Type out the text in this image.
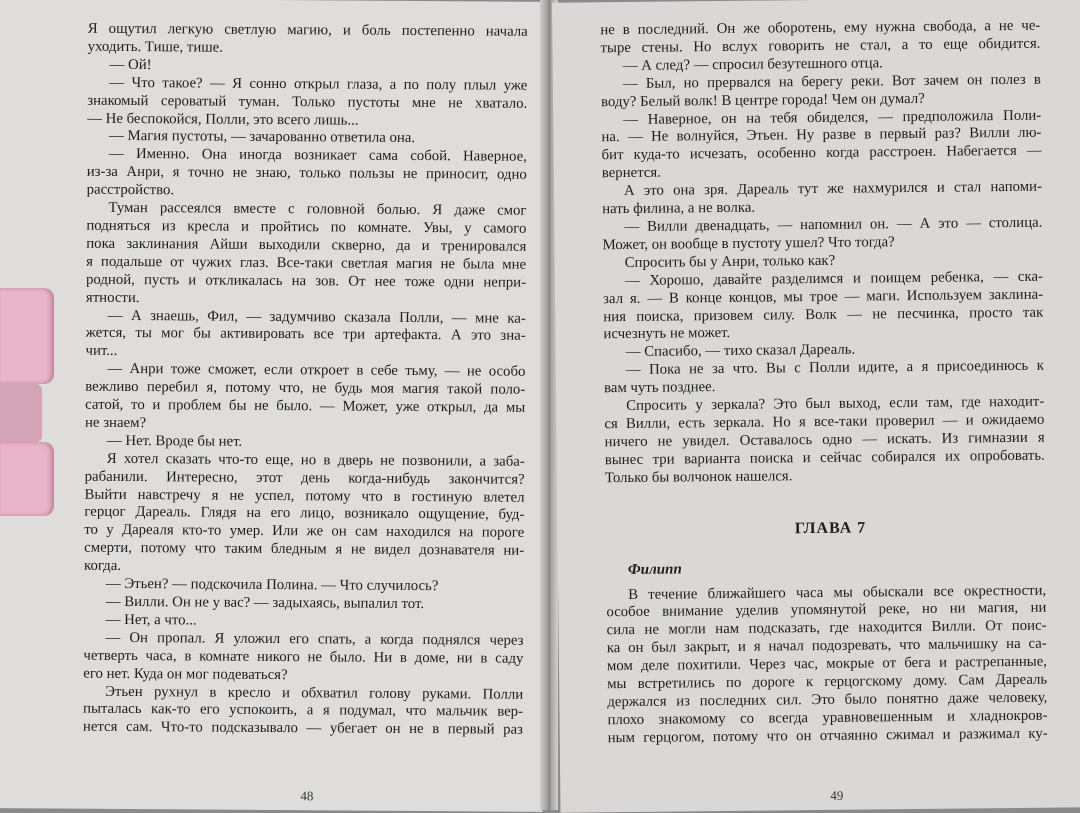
Я ощутил легкую светлую магию, и боль постепенно начала
уходить. Тише, тише.
— Ой!
— Что такое? — Я сонно открыл глаза, а по полу плыл уже
знакомый сероватый туман. Только пустоты мне не хватало.
— Не беспокойся, Полли, это всего лишь...
— Магия пустоты, — зачарованно ответила она.
— Именно. Она иногда возникает сама собой. Наверное,
из-за Анри, я точно не знаю, только пользы не приносит, одно
расстройство.
Туман рассеялся вместе с головной болью. Я даже смог
подняться из кресла и пройтись по комнате. Увы, у самого
пока заклинания Айши выходили скверно, да и тренировался
я подальше от чужих глаз. Все-таки светлая магия не была мне
родной, пусть и откликалась на зов. От нее тоже одни непри-
ятности.
— А знаешь, Фил, — задумчиво сказала Полли, — мне ка-
жется, ты мог бы активировать все три артефакта. А это зна-
чит...
— Анри тоже сможет, если откроет в себе тьму, — не особо
вежливо перебил я, потому что, не будь моя магия такой поло-
сатой, то и проблем бы не было. — Может, уже открыл, да мы
не знаем?
— Нет. Вроде бы нет.
Я хотел сказать что-то еще, но в дверь не позвонили, а заба-
рабанили. Интересно, этот день когда-нибудь закончится?
Выйти навстречу я не успел, потому что в гостиную влетел
герцог Дареаль. Глядя на его лицо, возникало ощущение, буд-
то у Дареаля кто-то умер. Или же он сам находился на пороге
смерти, потому что таким бледным я не видел дознавателя ни-
когда.
— Этьен? — подскочила Полина. — Что случилось?
— Вилли. Он не у вас? — задыхаясь, выпалил тот.
— Нет, а что...
— Он пропал. Я уложил его спать, а когда поднялся через
четверть часа, в комнате никого не было. Ни в доме, ни в саду
его нет. Куда он мог подеваться?
Этьен рухнул в кресло и обхватил голову руками. Полли
пыталась как-то его успокоить, а я подумал, что мальчик вер-
нется сам. Что-то подсказывало — убегает он не в первый раз
48
не в последний. Он же оборотень, ему нужна свобода, а не че-
тыре стены. Но вслух говорить не стал, а то еще обидится.
— А след? — спросил безутешного отца.
— Был, но прервался на берегу реки. Вот зачем он полез в
воду? Белый волк! В центре города! Чем он думал?
— Наверное, он на тебя обиделся, — предположила Поли-
на. — Не волнуйся, Этьен. Ну разве в первый раз? Вилли лю-
бит куда-то исчезать, особенно когда расстроен. Набегается —
вернется.
А это она зря. Дареаль тут же нахмурился и стал напоми-
нать филина, а не волка.
— Вилли двенадцать, — напомнил он. — А это — столица.
Может, он вообще в пустоту ушел? Что тогда?
Спросить бы у Анри, только как?
— Хорошо, давайте разделимся и поищем ребенка, — ска-
зал я. — В конце концов, мы трое — маги. Используем заклина-
ния поиска, призовем силу. Волк — не песчинка, просто так
исчезнуть не может.
— Спасибо, — тихо сказал Дареаль.
— Пока не за что. Вы с Полли идите, а я присоединюсь к
вам чуть позднее.
Спросить у зеркала? Это был выход, если там, где находит-
ся Вилли, есть зеркала. Но я все-таки проверил — и ожидаемо
ничего не увидел. Оставалось одно — искать. Из гимназии я
вынес три варианта поиска и сейчас собирался их опробовать.
Только бы волчонок нашелся.
ГЛАВА 7
Филипп
В течение ближайшего часа мы обыскали все окрестности,
особое внимание уделив упомянутой реке, но ни магия, ни
сила не могли нам подсказать, где находится Вилли. От поис-
ка он был закрыт, и я начал подозревать, что мальчишку на са-
мом деле похитили. Через час, мокрые от бега и растрепанные,
мы встретились по дороге к герцогскому дому. Сам Дареаль
держался из последних сил. Это было понятно даже человеку,
плохо знакомому со всегда уравновешенным и хладнокров-
ным герцогом, потому что он отчаянно сжимал и разжимал ку-
49
